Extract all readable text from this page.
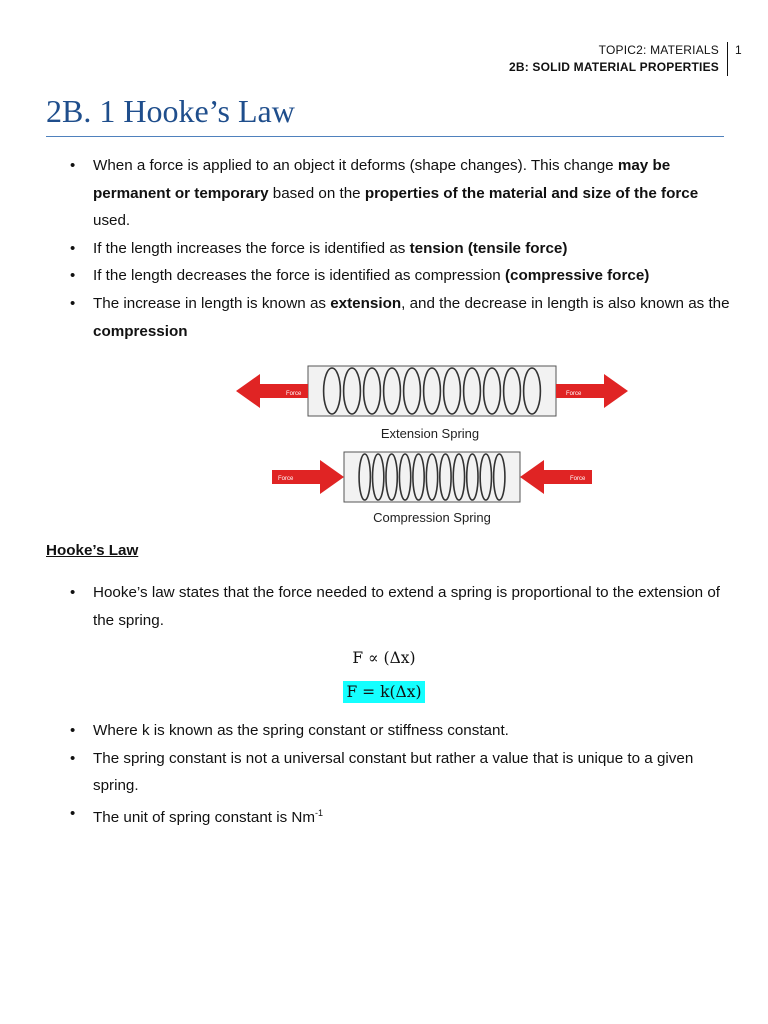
TOPIC2: MATERIALS
2B: SOLID MATERIAL PROPERTIES
1
2B. 1 Hooke’s Law
• When a force is applied to an object it deforms (shape changes). This change may be permanent or temporary based on the properties of the material and size of the force used.
• If the length increases the force is identified as tension (tensile force)
• If the length decreases the force is identified as compression (compressive force)
• The increase in length is known as extension, and the decrease in length is also known as the compression
Force	Force
Extension Spring
Force	Force
Compression Spring
Hooke’s Law
• Hooke’s law states that the force needed to extend a spring is proportional to the extension of the spring.
F ∝ (Δx)
F = k(Δx)
• Where k is known as the spring constant or stiffness constant.
• The spring constant is not a universal constant but rather a value that is unique to a given spring.
• The unit of spring constant is $Nm^{-1}$
